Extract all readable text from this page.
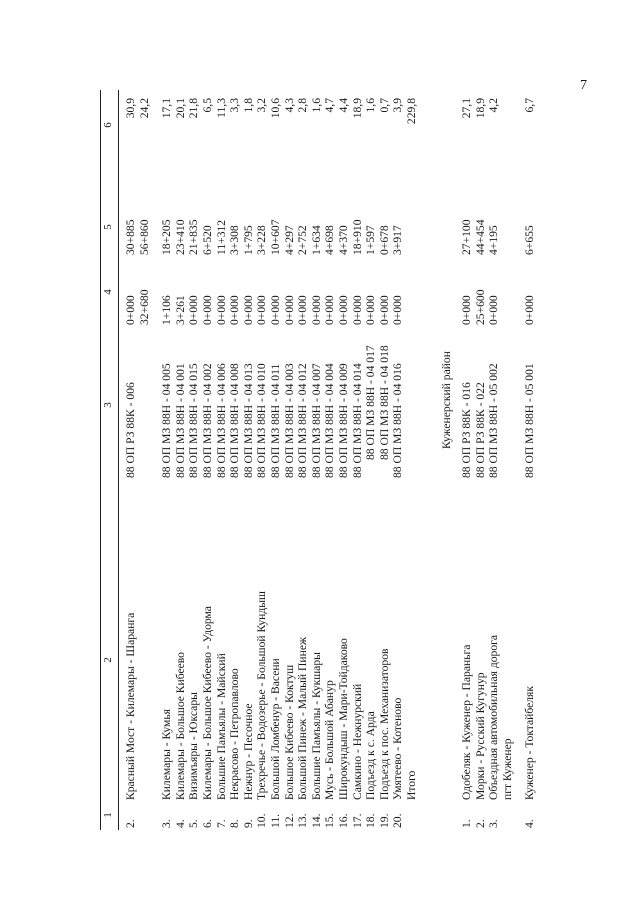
7
1
2
3
4
5
6
2.
Красный Мост - Килемары - Шаранга
88 ОП РЗ 88К - 006
0+000
30+885
30,9
32+680
56+860
24,2
3.
Килемары - Кумья
88 ОП МЗ 88Н - 04 005
1+106
18+205
17,1
4.
Килемары - Большое Кибеево
88 ОП МЗ 88Н - 04 001
3+261
23+410
20,1
5.
Визимъяры - Юксары
88 ОП МЗ 88Н - 04 015
0+000
21+835
21,8
6.
Килемары - Большое Кибеево - Удорма
88 ОП МЗ 88Н - 04 002
0+000
6+520
6,5
7.
Большие Памъялы - Майский
88 ОП МЗ 88Н - 04 006
0+000
11+312
11,3
8.
Некрасово - Петропавлово
88 ОП МЗ 88Н - 04 008
0+000
3+308
3,3
9.
Нежнур - Песочное
88 ОП МЗ 88Н - 04 013
0+000
1+795
1,8
10.
Трехречье - Водозерье - Большой Кундыш
88 ОП МЗ 88Н - 04 010
0+000
3+228
3,2
11.
Большой Ломбенур - Васени
88 ОП МЗ 88Н - 04 011
0+000
10+607
10,6
12.
Большое Кибеево - Коктуш
88 ОП МЗ 88Н - 04 003
0+000
4+297
4,3
13.
Большой Пинеж - Малый Пинеж
88 ОП МЗ 88Н - 04 012
0+000
2+752
2,8
14.
Большие Памъялы - Кукшары
88 ОП МЗ 88Н - 04 007
0+000
1+634
1,6
15.
Мусь - Большой Абанур
88 ОП МЗ 88Н - 04 004
0+000
4+698
4,7
16.
Широкундыш - Мари-Тойдаково
88 ОП МЗ 88Н - 04 009
0+000
4+370
4,4
17.
Самкино - Нежнурский
88 ОП МЗ 88Н - 04 014
0+000
18+910
18,9
18.
Подъезд к с. Арда
88 ОП МЗ 88Н - 04 017
0+000
1+597
1,6
19.
Подъезд к пос. Механизаторов
88 ОП МЗ 88Н - 04 018
0+000
0+678
0,7
20.
Умятеево - Котеново
88 ОП МЗ 88Н - 04 016
0+000
3+917
3,9
Итого
229,8
Куженерский район
1.
Одобеляк - Куженер - Параньга
88 ОП РЗ 88К - 016
0+000
27+100
27,1
2.
Морки - Русский Кугунур
88 ОП РЗ 88К - 022
25+600
44+454
18,9
3.
Объездная автомобильная дорога
88 ОП МЗ 88Н - 05 002
0+000
4+195
4,2
пгт Куженер
4.
Куженер - Токтайбеляк
88 ОП МЗ 88Н - 05 001
0+000
6+655
6,7
